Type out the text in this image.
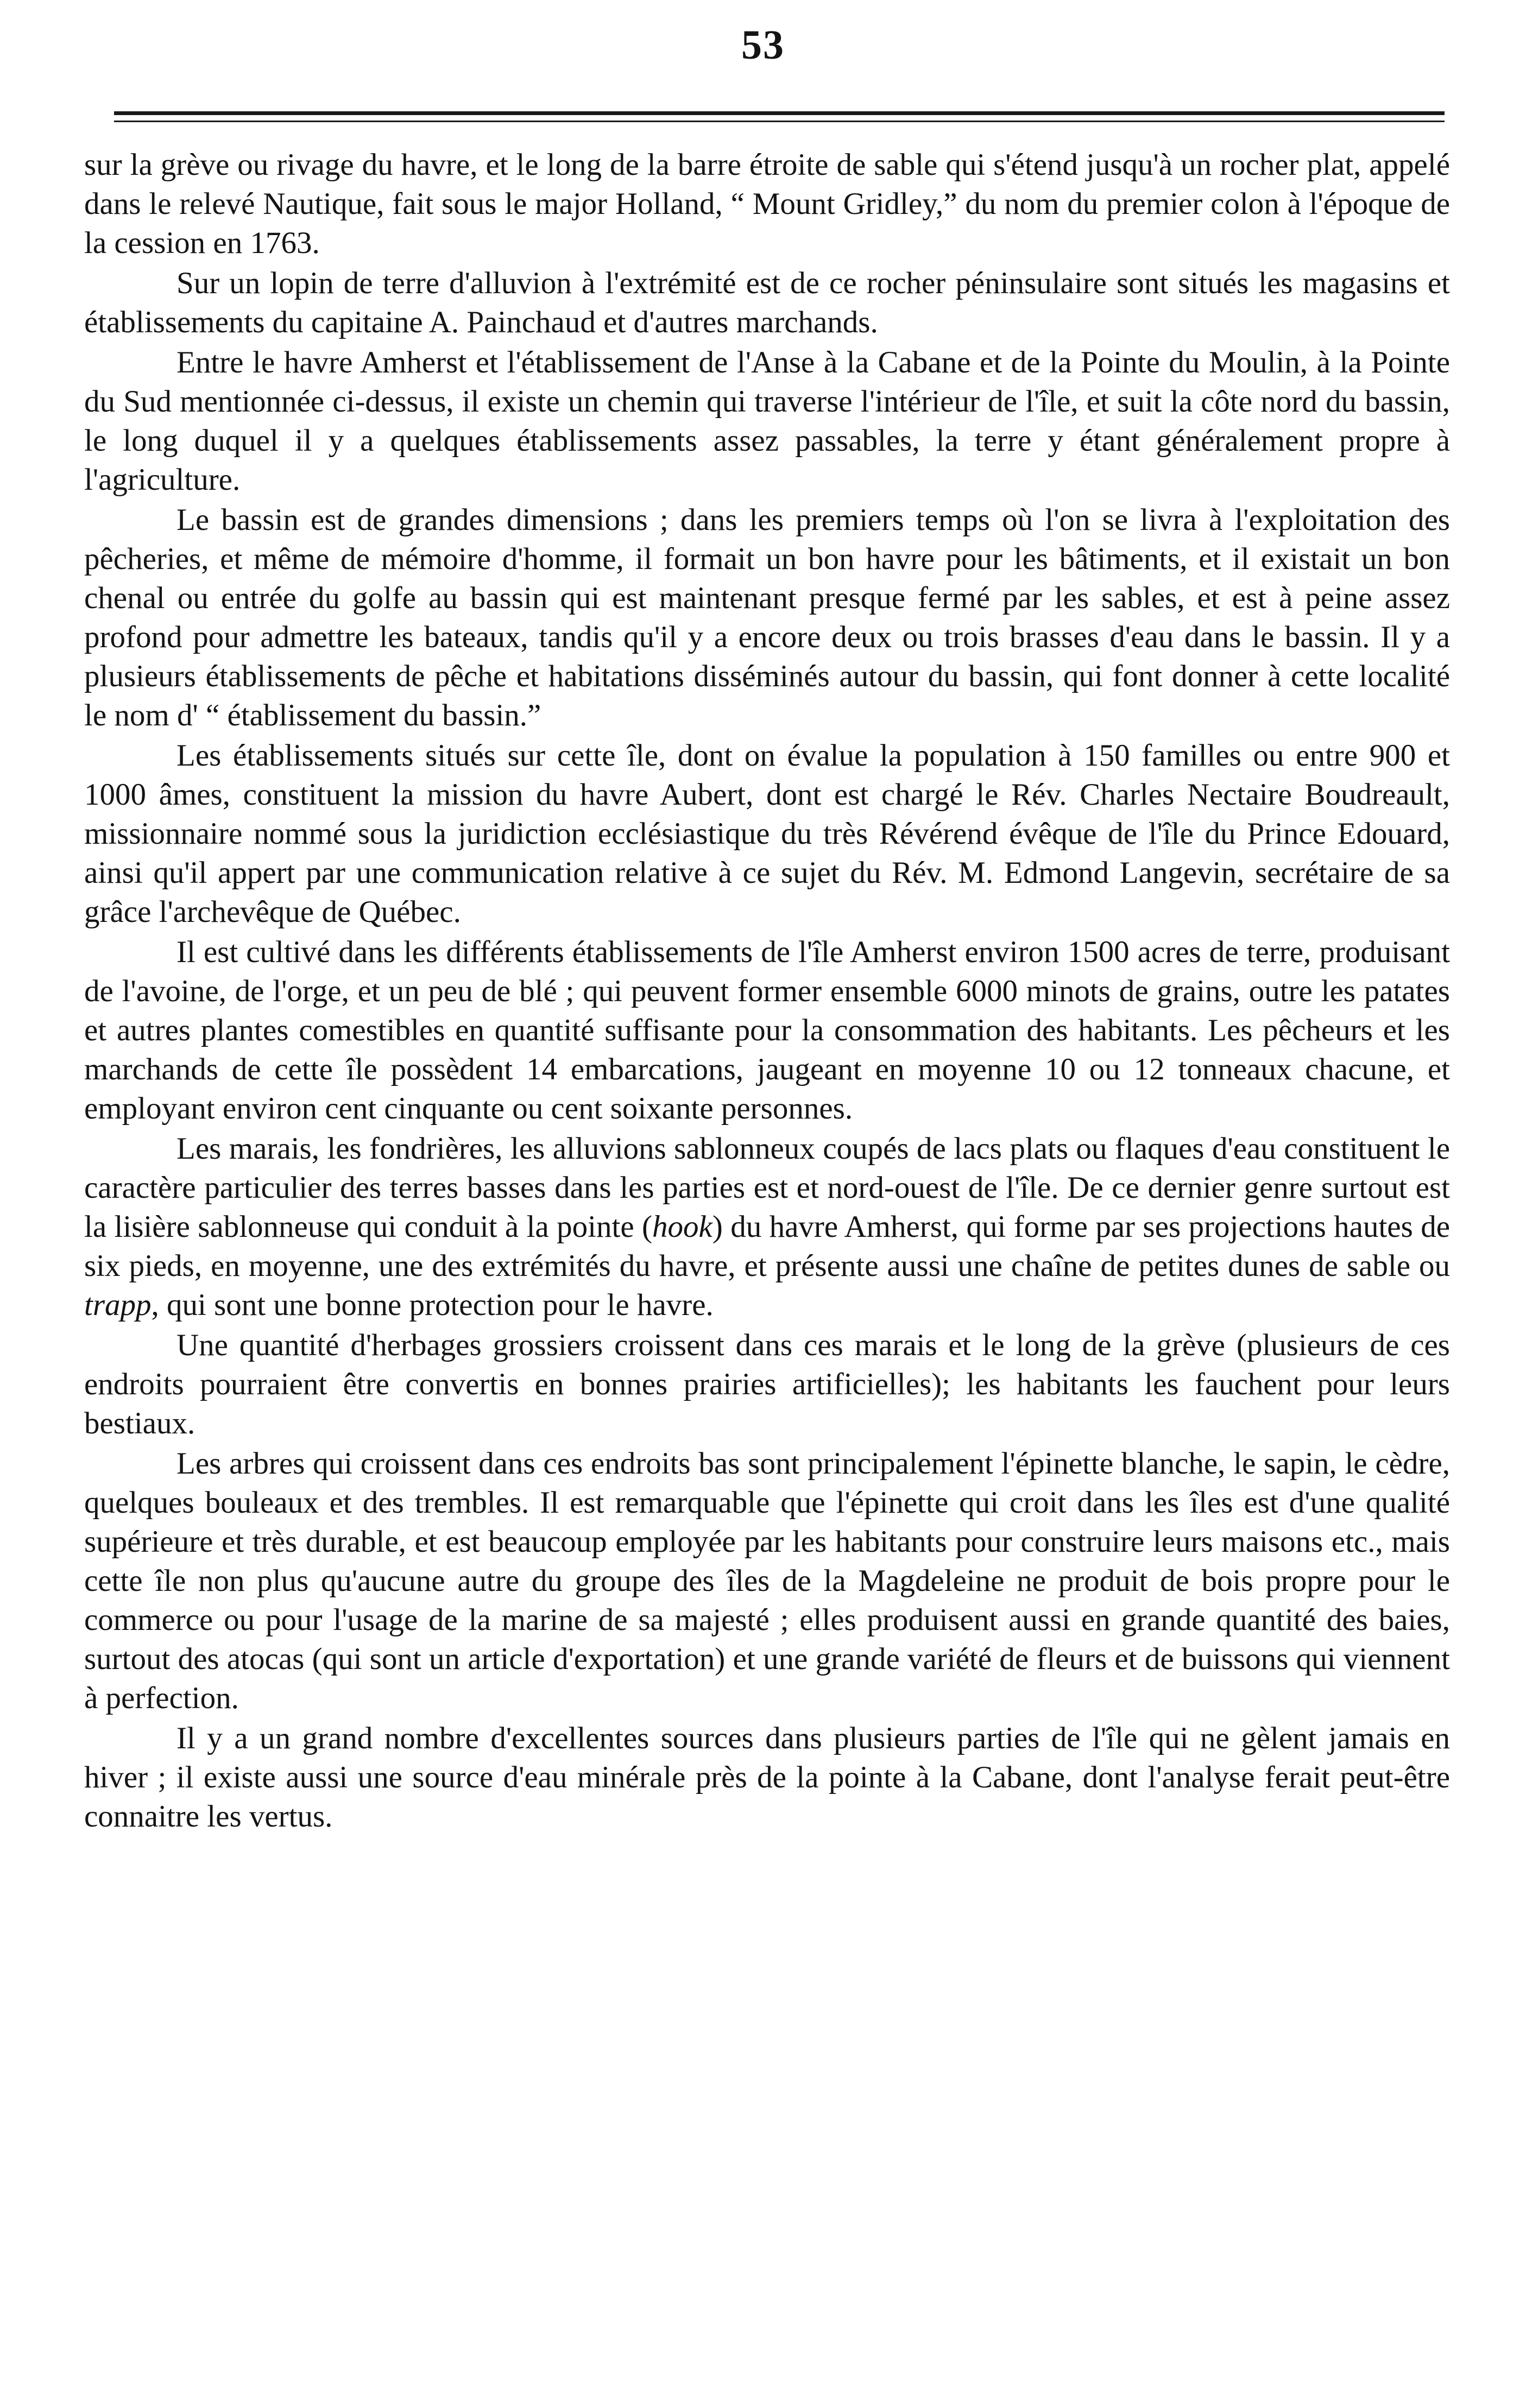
53

sur la grève ou rivage du havre, et le long de la barre étroite de sable qui s'étend jusqu'à un rocher plat, appelé dans le relevé Nautique, fait sous le major Holland, “ Mount Gridley,” du nom du premier colon à l'époque de la cession en 1763.

Sur un lopin de terre d'alluvion à l'extrémité est de ce rocher péninsulaire sont situés les magasins et établissements du capitaine A. Painchaud et d'autres marchands.

Entre le havre Amherst et l'établissement de l'Anse à la Cabane et de la Pointe du Moulin, à la Pointe du Sud mentionnée ci-dessus, il existe un chemin qui traverse l'intérieur de l'île, et suit la côte nord du bassin, le long duquel il y a quelques établissements assez passables, la terre y étant généralement propre à l'agriculture.

Le bassin est de grandes dimensions ; dans les premiers temps où l'on se livra à l'exploitation des pêcheries, et même de mémoire d'homme, il formait un bon havre pour les bâtiments, et il existait un bon chenal ou entrée du golfe au bassin qui est maintenant presque fermé par les sables, et est à peine assez profond pour admettre les bateaux, tandis qu'il y a encore deux ou trois brasses d'eau dans le bassin. Il y a plusieurs établissements de pêche et habitations disséminés autour du bassin, qui font donner à cette localité le nom d' “ établissement du bassin.”

Les établissements situés sur cette île, dont on évalue la population à 150 familles ou entre 900 et 1000 âmes, constituent la mission du havre Aubert, dont est chargé le Rév. Charles Nectaire Boudreault, missionnaire nommé sous la juridiction ecclésiastique du très Révérend évêque de l'île du Prince Edouard, ainsi qu'il appert par une communication relative à ce sujet du Rév. M. Edmond Langevin, secrétaire de sa grâce l'archevêque de Québec.

Il est cultivé dans les différents établissements de l'île Amherst environ 1500 acres de terre, produisant de l'avoine, de l'orge, et un peu de blé ; qui peuvent former ensemble 6000 minots de grains, outre les patates et autres plantes comestibles en quantité suffisante pour la consommation des habitants. Les pêcheurs et les marchands de cette île possèdent 14 embarcations, jaugeant en moyenne 10 ou 12 tonneaux chacune, et employant environ cent cinquante ou cent soixante personnes.

Les marais, les fondrières, les alluvions sablonneux coupés de lacs plats ou flaques d'eau constituent le caractère particulier des terres basses dans les parties est et nord-ouest de l'île. De ce dernier genre surtout est la lisière sablonneuse qui conduit à la pointe (hook) du havre Amherst, qui forme par ses projections hautes de six pieds, en moyenne, une des extrémités du havre, et présente aussi une chaîne de petites dunes de sable ou trapp, qui sont une bonne protection pour le havre.

Une quantité d'herbages grossiers croissent dans ces marais et le long de la grève (plusieurs de ces endroits pourraient être convertis en bonnes prairies artificielles); les habitants les fauchent pour leurs bestiaux.

Les arbres qui croissent dans ces endroits bas sont principalement l'épinette blanche, le sapin, le cèdre, quelques bouleaux et des trembles. Il est remarquable que l'épinette qui croit dans les îles est d'une qualité supérieure et très durable, et est beaucoup employée par les habitants pour construire leurs maisons etc., mais cette île non plus qu'aucune autre du groupe des îles de la Magdeleine ne produit de bois propre pour le commerce ou pour l'usage de la marine de sa majesté ; elles produisent aussi en grande quantité des baies, surtout des atocas (qui sont un article d'exportation) et une grande variété de fleurs et de buissons qui viennent à perfection.

Il y a un grand nombre d'excellentes sources dans plusieurs parties de l'île qui ne gèlent jamais en hiver ; il existe aussi une source d'eau minérale près de la pointe à la Cabane, dont l'analyse ferait peut-être connaitre les vertus.
